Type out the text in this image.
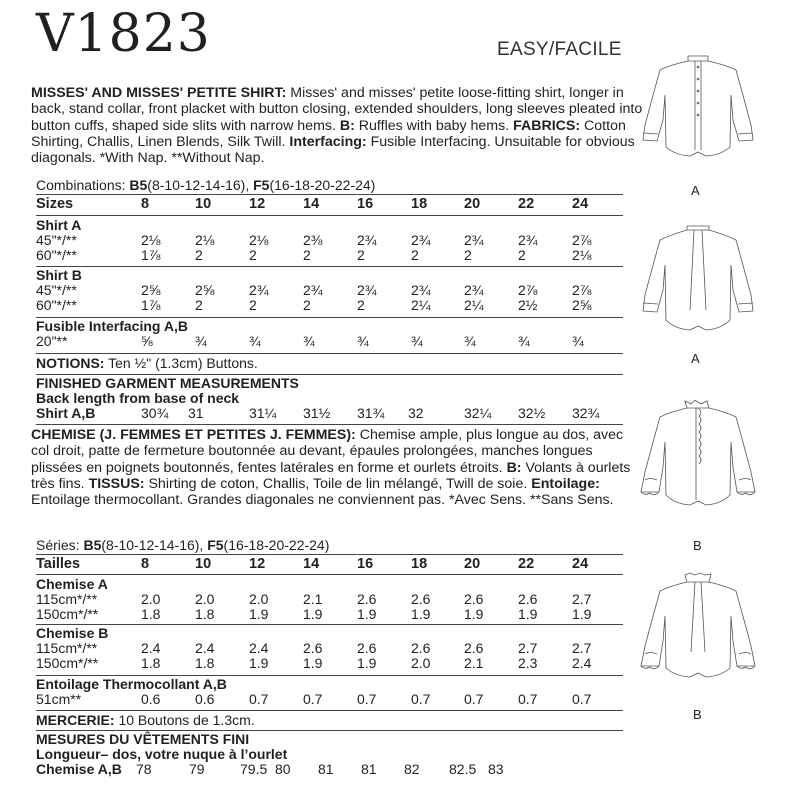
V1823	EASY/FACILE
MISSES' AND MISSES' PETITE SHIRT: Misses' and misses' petite loose-fitting shirt, longer in back, stand collar, front placket with button closing, extended shoulders, long sleeves pleated into button cuffs, shaped side slits with narrow hems. B: Ruffles with baby hems. FABRICS: Cotton Shirting, Challis, Linen Blends, Silk Twill. Interfacing: Fusible Interfacing. Unsuitable for obvious diagonals. *With Nap. **Without Nap.
Combinations: B5(8-10-12-14-16), F5(16-18-20-22-24)
Sizes	8	10	12	14	16	18	20	22	24
Shirt A
45"*/**	2⅛ 2⅛ 2⅛ 2⅜ 2¾ 2¾ 2¾ 2¾ 2⅞
60"*/**	1⅞ 2	2	2	2	2	2	2	2⅛
Shirt B
45"*/**	2⅝ 2⅝ 2¾ 2¾ 2¾ 2¾ 2¾ 2⅞ 2⅞
60"*/**	1⅞ 2	2	2	2	2¼ 2¼ 2½ 2⅝
Fusible Interfacing A,B
20"**	⅝	¾	¾	¾	¾	¾	¾	¾	¾
NOTIONS: Ten ½" (1.3cm) Buttons.
FINISHED GARMENT MEASUREMENTS
Back length from base of neck
Shirt A,B	30¾ 31	31¼ 31½ 31¾ 32	32¼ 32½ 32¾
CHEMISE (J. FEMMES ET PETITES J. FEMMES): Chemise ample, plus longue au dos, avec col droit, patte de fermeture boutonnée au devant, épaules prolongées, manches longues plissées en poignets boutonnés, fentes latérales en forme et ourlets étroits. B: Volants à ourlets très fins. TISSUS: Shirting de coton, Challis, Toile de lin mélangé, Twill de soie. Entoilage: Entoilage thermocollant. Grandes diagonales ne conviennent pas. *Avec Sens. **Sans Sens.
Séries: B5(8-10-12-14-16), F5(16-18-20-22-24)
Tailles	8	10	12	14	16	18	20	22	24
Chemise A
115cm*/**	2.0 2.0 2.0 2.1 2.6 2.6 2.6 2.6 2.7
150cm*/**	1.8 1.8 1.9 1.9 1.9 1.9 1.9 1.9 1.9
Chemise B
115cm*/**	2.4 2.4 2.4 2.6 2.6 2.6 2.6 2.7 2.7
150cm*/**	1.8 1.8 1.9 1.9 1.9 2.0 2.1 2.3 2.4
Entoilage Thermocollant A,B
51cm**	0.6 0.6 0.7 0.7 0.7 0.7 0.7 0.7 0.7
MERCERIE: 10 Boutons de 1.3cm.
MESURES DU VÊTEMENTS FINI
Longueur– dos, votre nuque à l’ourlet
Chemise A,B 78	79	79.5 80 81 81 82 82.5 83
A
A
B
B
